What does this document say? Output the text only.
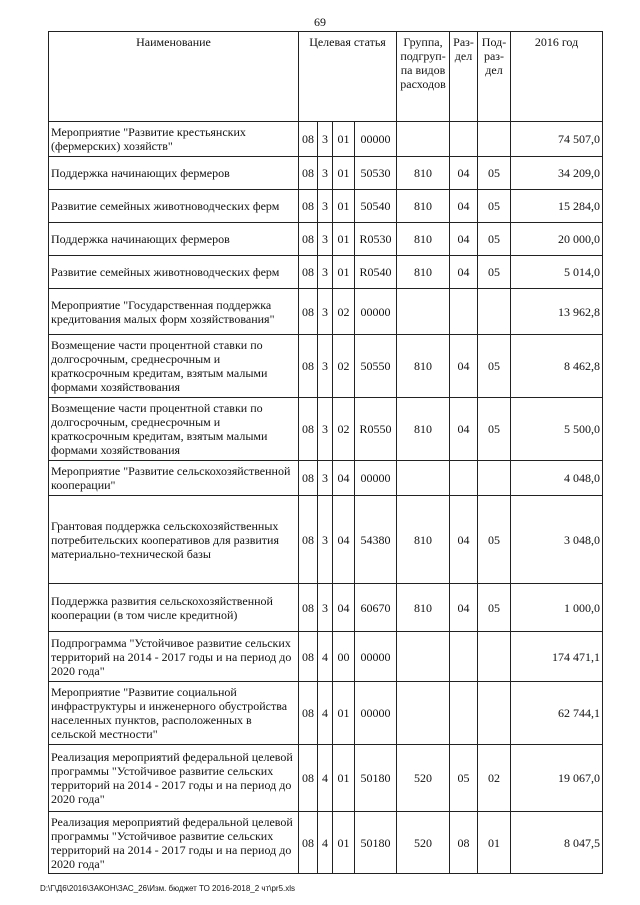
69
Наименование	Целевая статья				Группа, подгруп-па видов расходов	Раз-дел	Под-раз-дел	2016 год
Мероприятие "Развитие крестьянских (фермерских) хозяйств"	08	3	01	00000				74 507,0
Поддержка начинающих фермеров	08	3	01	50530	810	04	05	34 209,0
Развитие семейных животноводческих ферм	08	3	01	50540	810	04	05	15 284,0
Поддержка начинающих фермеров	08	3	01	R0530	810	04	05	20 000,0
Развитие семейных животноводческих ферм	08	3	01	R0540	810	04	05	5 014,0
Мероприятие "Государственная поддержка кредитования малых форм хозяйствования"	08	3	02	00000				13 962,8
Возмещение части процентной ставки по долгосрочным, среднесрочным и краткосрочным кредитам, взятым малыми формами хозяйствования	08	3	02	50550	810	04	05	8 462,8
Возмещение части процентной ставки по долгосрочным, среднесрочным и краткосрочным кредитам, взятым малыми формами хозяйствования	08	3	02	R0550	810	04	05	5 500,0
Мероприятие "Развитие сельскохозяйственной кооперации"	08	3	04	00000				4 048,0
Грантовая поддержка сельскохозяйственных потребительских кооперативов для развития материально-технической базы	08	3	04	54380	810	04	05	3 048,0
Поддержка развития сельскохозяйственной кооперации (в том числе кредитной)	08	3	04	60670	810	04	05	1 000,0
Подпрограмма "Устойчивое развитие сельских территорий на 2014 - 2017 годы и на период до 2020 года"	08	4	00	00000				174 471,1
Мероприятие "Развитие социальной инфраструктуры и инженерного обустройства населенных пунктов, расположенных в сельской местности"	08	4	01	00000				62 744,1
Реализация мероприятий федеральной целевой программы "Устойчивое развитие сельских территорий на 2014 - 2017 годы и на период до 2020 года"	08	4	01	50180	520	05	02	19 067,0
Реализация мероприятий федеральной целевой программы "Устойчивое развитие сельских территорий на 2014 - 2017 годы и на период до 2020 года"	08	4	01	50180	520	08	01	8 047,5
D:\Г\Д6\2016\ЗАКОН\ЗАС_26\Изм. бюджет ТО 2016-2018_2 чт\pr5.xls
